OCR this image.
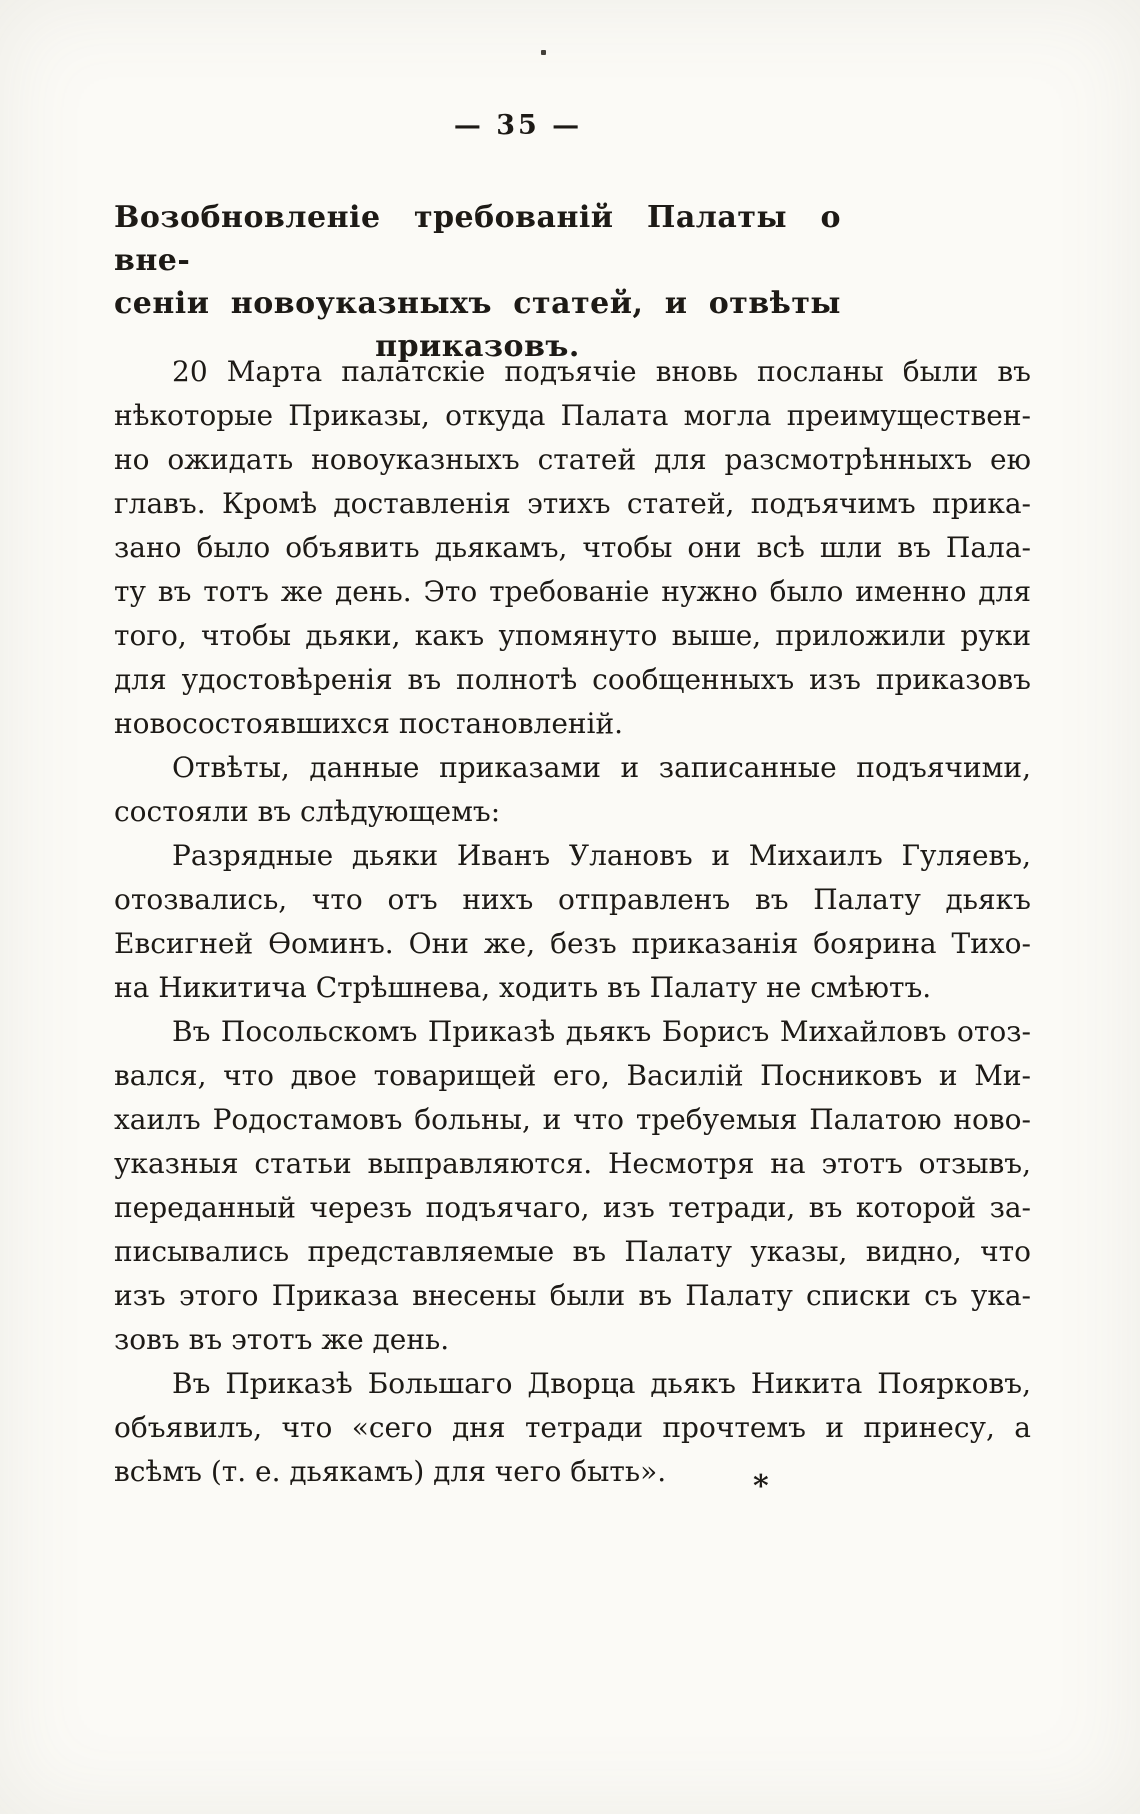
— 35 —
Возобновленіе требованій Палаты о вне-
сеніи новоуказныхъ статей, и отвѣты
приказовъ.
20 Марта палатскіе подъячіе вновь посланы были въ
нѣкоторые Приказы, откуда Палата могла преимуществен-
но ожидать новоуказныхъ статей для разсмотрѣнныхъ ею
главъ. Кромѣ доставленія этихъ статей, подъячимъ прика-
зано было объявить дьякамъ, чтобы они всѣ шли въ Пала-
ту въ тотъ же день. Это требованіе нужно было именно для
того, чтобы дьяки, какъ упомянуто выше, приложили руки
для удостовѣренія въ полнотѣ сообщенныхъ изъ приказовъ
новосостоявшихся постановленій.
Отвѣты, данные приказами и записанные подъячими,
состояли въ слѣдующемъ:
Разрядные дьяки Иванъ Улановъ и Михаилъ Гуляевъ,
отозвались, что отъ нихъ отправленъ въ Палату дьякъ
Евсигней Ѳоминъ. Они же, безъ приказанія боярина Тихо-
на Никитича Стрѣшнева, ходить въ Палату не смѣютъ.
Въ Посольскомъ Приказѣ дьякъ Борисъ Михайловъ отоз-
вался, что двое товарищей его, Василій Посниковъ и Ми-
хаилъ Родостамовъ больны, и что требуемыя Палатою ново-
указныя статьи выправляются. Несмотря на этотъ отзывъ,
переданный черезъ подъячаго, изъ тетради, въ которой за-
писывались представляемые въ Палату указы, видно, что
изъ этого Приказа внесены были въ Палату списки съ ука-
зовъ въ этотъ же день.
Въ Приказѣ Большаго Дворца дьякъ Никита Поярковъ,
объявилъ, что «сего дня тетради прочтемъ и принесу, а
всѣмъ (т. е. дьякамъ) для чего быть».	*
